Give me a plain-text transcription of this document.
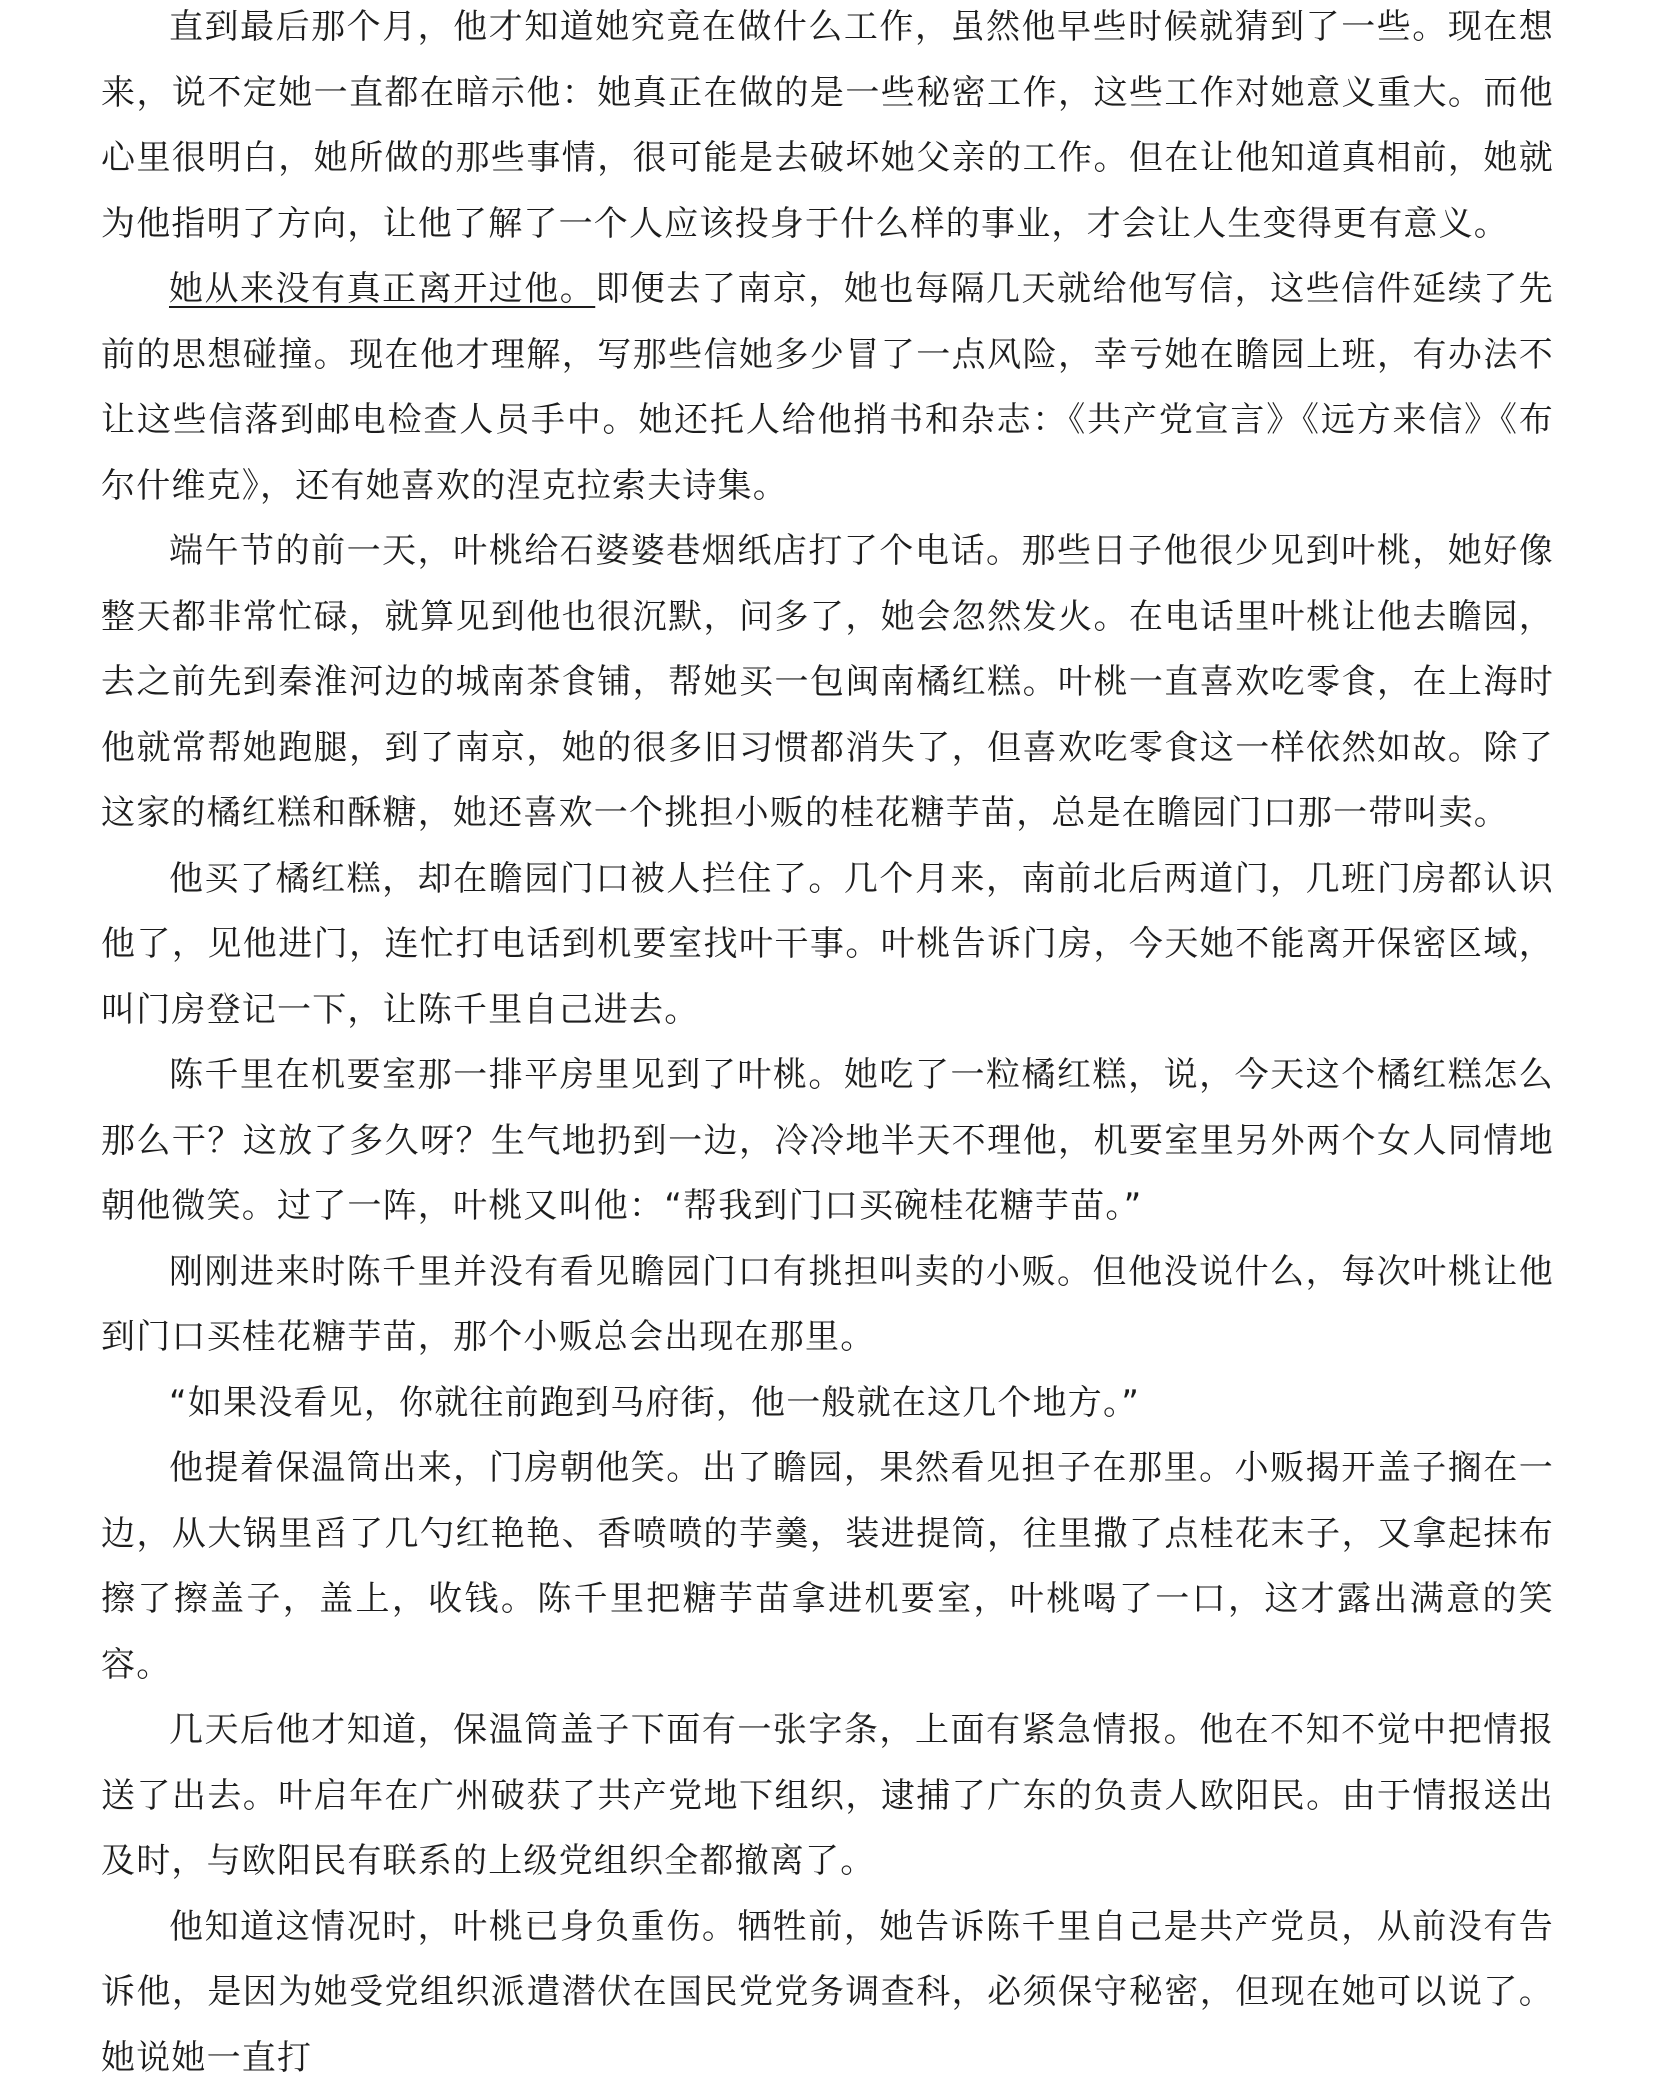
直到最后那个月，他才知道她究竟在做什么工作，虽然他早些时候就猜到了一些。现在想来，说不定她一直都在暗示他：她真正在做的是一些秘密工作，这些工作对她意义重大。而他心里很明白，她所做的那些事情，很可能是去破坏她父亲的工作。但在让他知道真相前，她就为他指明了方向，让他了解了一个人应该投身于什么样的事业，才会让人生变得更有意义。

她从来没有真正离开过他。即便去了南京，她也每隔几天就给他写信，这些信件延续了先前的思想碰撞。现在他才理解，写那些信她多少冒了一点风险，幸亏她在瞻园上班，有办法不让这些信落到邮电检查人员手中。她还托人给他捎书和杂志：《共产党宣言》《远方来信》《布尔什维克》，还有她喜欢的涅克拉索夫诗集。

端午节的前一天，叶桃给石婆婆巷烟纸店打了个电话。那些日子他很少见到叶桃，她好像整天都非常忙碌，就算见到他也很沉默，问多了，她会忽然发火。在电话里叶桃让他去瞻园，去之前先到秦淮河边的城南茶食铺，帮她买一包闽南橘红糕。叶桃一直喜欢吃零食，在上海时他就常帮她跑腿，到了南京，她的很多旧习惯都消失了，但喜欢吃零食这一样依然如故。除了这家的橘红糕和酥糖，她还喜欢一个挑担小贩的桂花糖芋苗，总是在瞻园门口那一带叫卖。

他买了橘红糕，却在瞻园门口被人拦住了。几个月来，南前北后两道门，几班门房都认识他了，见他进门，连忙打电话到机要室找叶干事。叶桃告诉门房，今天她不能离开保密区域，叫门房登记一下，让陈千里自己进去。

陈千里在机要室那一排平房里见到了叶桃。她吃了一粒橘红糕，说，今天这个橘红糕怎么那么干？这放了多久呀？生气地扔到一边，冷冷地半天不理他，机要室里另外两个女人同情地朝他微笑。过了一阵，叶桃又叫他：“帮我到门口买碗桂花糖芋苗。”

刚刚进来时陈千里并没有看见瞻园门口有挑担叫卖的小贩。但他没说什么，每次叶桃让他到门口买桂花糖芋苗，那个小贩总会出现在那里。

“如果没看见，你就往前跑到马府街，他一般就在这几个地方。”

他提着保温筒出来，门房朝他笑。出了瞻园，果然看见担子在那里。小贩揭开盖子搁在一边，从大锅里舀了几勺红艳艳、香喷喷的芋羹，装进提筒，往里撒了点桂花末子，又拿起抹布擦了擦盖子，盖上，收钱。陈千里把糖芋苗拿进机要室，叶桃喝了一口，这才露出满意的笑容。

几天后他才知道，保温筒盖子下面有一张字条，上面有紧急情报。他在不知不觉中把情报送了出去。叶启年在广州破获了共产党地下组织，逮捕了广东的负责人欧阳民。由于情报送出及时，与欧阳民有联系的上级党组织全都撤离了。

他知道这情况时，叶桃已身负重伤。牺牲前，她告诉陈千里自己是共产党员，从前没有告诉他，是因为她受党组织派遣潜伏在国民党党务调查科，必须保守秘密，但现在她可以说了。她说她一直打
